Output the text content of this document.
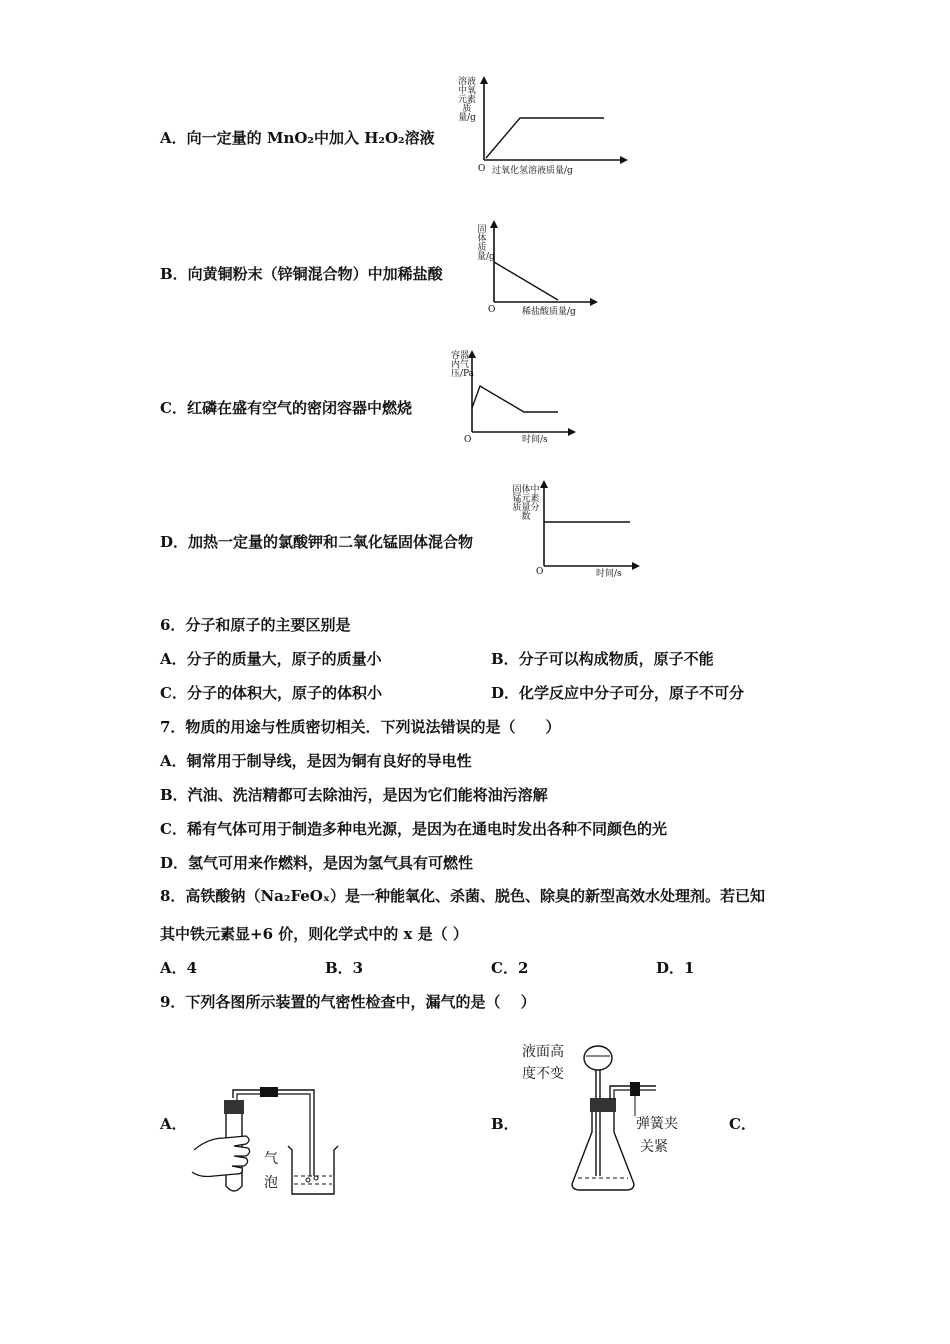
A．向一定量的 MnO₂中加入 H₂O₂溶液
溶液中氧元素质量/g
O 过氧化氢溶液质量/g
B．向黄铜粉末（锌铜混合物）中加稀盐酸
固体质量/g
O	稀盐酸质量/g
C．红磷在盛有空气的密闭容器中燃烧
容器内气压/Pa
O	时间/s
D．加热一定量的氯酸钾和二氧化锰固体混合物
固体中锰元素质量分数
O	时间/s
6．分子和原子的主要区别是
A．分子的质量大，原子的质量小	B．分子可以构成物质，原子不能
C．分子的体积大，原子的体积小	D．化学反应中分子可分，原子不可分
7．物质的用途与性质密切相关．下列说法错误的是（　　）
A．铜常用于制导线，是因为铜有良好的导电性
B．汽油、洗洁精都可去除油污，是因为它们能将油污溶解
C．稀有气体可用于制造多种电光源，是因为在通电时发出各种不同颜色的光
D．氢气可用来作燃料，是因为氢气具有可燃性
8．高铁酸钠（Na₂FeOₓ）是一种能氧化、杀菌、脱色、除臭的新型高效水处理剂。若已知
其中铁元素显+6 价，则化学式中的 x 是（ ）
A．4	B．3	C．2	D．1
9．下列各图所示装置的气密性检查中，漏气的是（　 ）
A．	B．	C．
气
泡
液面高
度不变
弹簧夹
关紧
